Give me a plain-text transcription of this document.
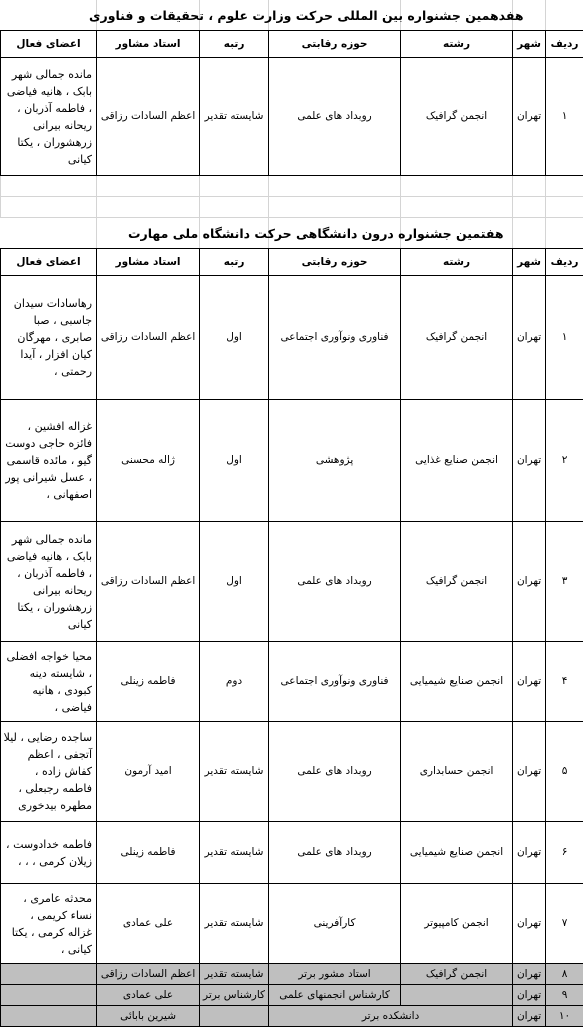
هفدهمین جشنواره بین المللی حرکت وزارت علوم ، تحقیقات و فناوری						
ردیف	شهر	رشته	حوزه رقابتی	رتبه	استاد مشاور	اعضای فعال
۱	تهران	انجمن گرافیک	روبداد های علمی	شایسته تقدیر	اعظم السادات رزاقی	مانده جمالی شهر بابک ، هانیه فیاضی ، فاطمه آذربان ، ریحانه بیرانی زرهشوران ، یکتا کیانی

هفتمین جشنواره درون دانشگاهی حرکت دانشگاه ملی مهارت						
ردیف	شهر	رشته	حوزه رقابتی	رتبه	استاد مشاور	اعضای فعال
۱	تهران	انجمن گرافیک	فناوری ونوآوری اجتماعی	اول	اعظم السادات رزاقی	رهاسادات سیدان جاسبی ، صبا صابری ، مهرگان کیان افزار ، آیدا رحمتی ،
۲	تهران	انجمن صنایع غذایی	پژوهشی	اول	ژاله محسنی	غزاله افشین ، فائزه حاجی دوست گیو ، مائده قاسمی ، عسل شیرانی پور اصفهانی ،
۳	تهران	انجمن گرافیک	روبداد های علمی	اول	اعظم السادات رزاقی	مانده جمالی شهر بابک ، هانیه فیاضی ، فاطمه آذربان ، ریحانه بیرانی زرهشوران ، یکتا کیانی
۴	تهران	انجمن صنایع شیمیایی	فناوری ونوآوری اجتماعی	دوم	فاطمه زینلی	محیا خواجه افضلی ، شایسته دینه کبودی ، هانیه فیاضی ،
۵	تهران	انجمن حسابداری	روبداد های علمی	شایسته تقدیر	امید آرمون	ساجده رضایی ، لیلا آتجفی ، اعظم کفاش زاده ، فاطمه رجبعلی ، مطهره بیدخوری
۶	تهران	انجمن صنایع شیمیایی	روبداد های علمی	شایسته تقدیر	فاطمه زینلی	فاطمه خدادوست ، زیلان کرمی ، ، ،
۷	تهران	انجمن کامپیوتر	کارآفرینی	شایسته تقدیر	علی عمادی	محدثه عامری ، نساء کریمی ، غزاله کرمی ، یکتا کیانی ،
۸	تهران	انجمن گرافیک	استاد مشور برتر	شایسته تقدیر	اعظم السادات رزاقی	
۹	تهران		کارشناس انجمنهای علمی	کارشناس برتر	علی عمادی	
۱۰	تهران	دانشکده برتر			شیرین بابائی	
